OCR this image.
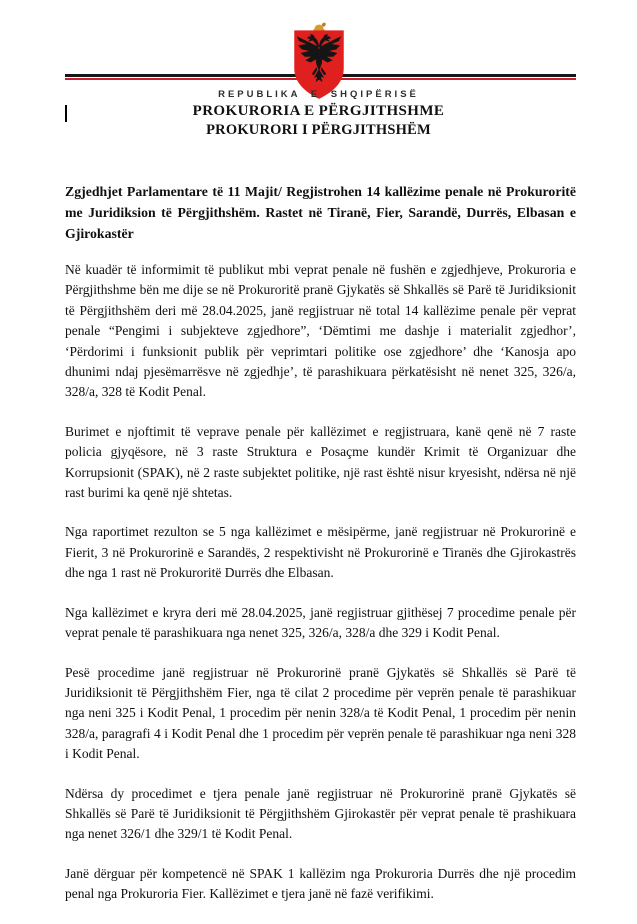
REPUBLIKA E SHQIPËRISË
PROKURORIA E PËRGJITHSHME
PROKURORI I PËRGJITHSHËM
Zgjedhjet Parlamentare të 11 Majit/ Regjistrohen 14 kallëzime penale në Prokuroritë me Juridiksion të Përgjithshëm. Rastet në Tiranë, Fier, Sarandë, Durrës, Elbasan e Gjirokastër

Në kuadër të informimit të publikut mbi veprat penale në fushën e zgjedhjeve, Prokuroria e Përgjithshme bën me dije se në Prokuroritë pranë Gjykatës së Shkallës së Parë të Juridiksionit të Përgjithshëm deri më 28.04.2025, janë regjistruar në total 14 kallëzime penale për veprat penale “Pengimi i subjekteve zgjedhore”, ‘Dëmtimi me dashje i materialit zgjedhor’, ‘Përdorimi i funksionit publik për veprimtari politike ose zgjedhore’ dhe ‘Kanosja apo dhunimi ndaj pjesëmarrësve në zgjedhje’, të parashikuara përkatësisht në nenet 325, 326/a, 328/a, 328 të Kodit Penal.

Burimet e njoftimit të veprave penale për kallëzimet e regjistruara, kanë qenë në 7 raste policia gjyqësore, në 3 raste Struktura e Posaçme kundër Krimit të Organizuar dhe Korrupsionit (SPAK), në 2 raste subjektet politike, një rast është nisur kryesisht, ndërsa në një rast burimi ka qenë një shtetas.

Nga raportimet rezulton se 5 nga kallëzimet e mësipërme, janë regjistruar në Prokurorinë e Fierit, 3 në Prokurorinë e Sarandës, 2 respektivisht në Prokurorinë e Tiranës dhe Gjirokastrës dhe nga 1 rast në Prokuroritë Durrës dhe Elbasan.

Nga kallëzimet e kryra deri më 28.04.2025, janë regjistruar gjithësej 7 procedime penale për veprat penale të parashikuara nga nenet 325, 326/a, 328/a dhe 329 i Kodit Penal.

Pesë procedime janë regjistruar në Prokurorinë pranë Gjykatës së Shkallës së Parë të Juridiksionit të Përgjithshëm Fier, nga të cilat 2 procedime për veprën penale të parashikuar nga neni 325 i Kodit Penal, 1 procedim për nenin 328/a të Kodit Penal, 1 procedim për nenin 328/a, paragrafi 4 i Kodit Penal dhe 1 procedim për veprën penale të parashikuar nga neni 328 i Kodit Penal.

Ndërsa dy procedimet e tjera penale janë regjistruar në Prokurorinë pranë Gjykatës së Shkallës së Parë të Juridiksionit të Përgjithshëm Gjirokastër për veprat penale të prashikuara nga nenet 326/1 dhe 329/1 të Kodit Penal.

Janë dërguar për kompetencë në SPAK 1 kallëzim nga Prokuroria Durrës dhe një procedim penal nga Prokuroria Fier. Kallëzimet e tjera janë në fazë verifikimi.
